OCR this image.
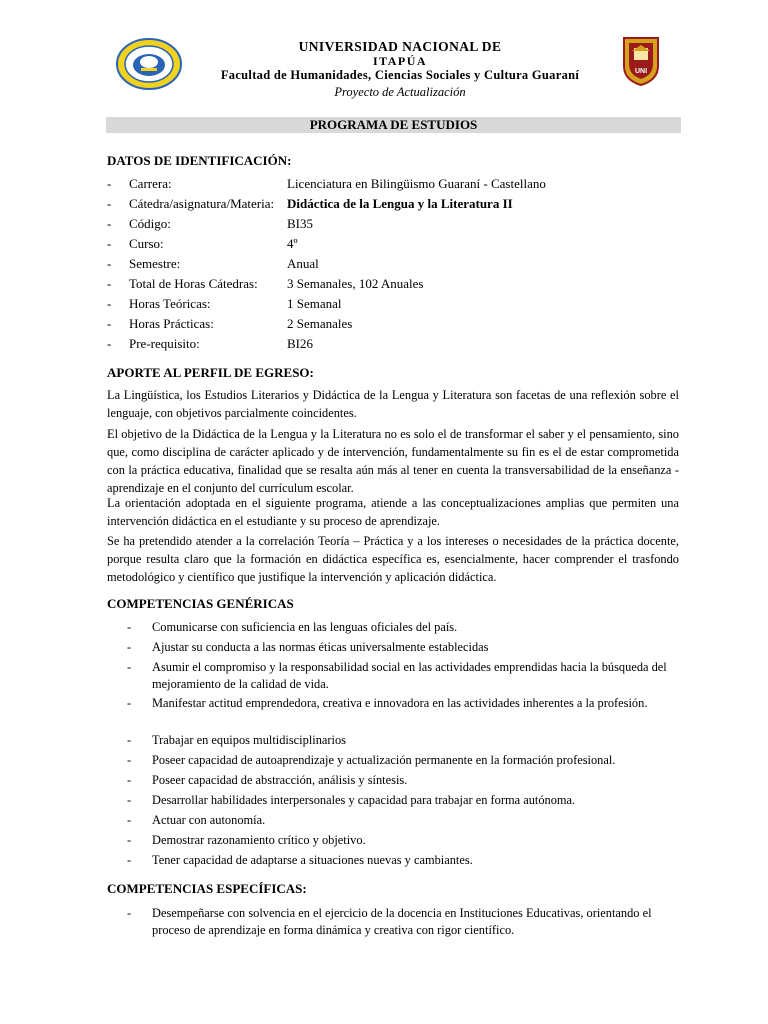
UNIVERSIDAD NACIONAL DE
ITAPÚA
Facultad de Humanidades, Ciencias Sociales y Cultura Guaraní
Proyecto de Actualización
UNI
PROGRAMA DE ESTUDIOS
DATOS DE IDENTIFICACIÓN:
- Carrera:	Licenciatura en Bilingüismo Guaraní - Castellano
- Cátedra/asignatura/Materia: Didáctica de la Lengua y la Literatura II
- Código:	BI35
- Curso:	4º
- Semestre:	Anual
- Total de Horas Cátedras: 3 Semanales, 102 Anuales
- Horas Teóricas:	1 Semanal
- Horas Prácticas:	2 Semanales
- Pre-requisito:	BI26
APORTE AL PERFIL DE EGRESO:

La Lingüística, los Estudios Literarios y Didáctica de la Lengua y Literatura son facetas de una reflexión sobre el lenguaje, con objetivos parcialmente coincidentes.

El objetivo de la Didáctica de la Lengua y la Literatura no es solo el de transformar el saber y el pensamiento, sino que, como disciplina de carácter aplicado y de intervención, fundamentalmente su fin es el de estar comprometida con la práctica educativa, finalidad que se resalta aún más al tener en cuenta la transversabilidad de la enseñanza - aprendizaje en el conjunto del currículum escolar.

La orientación adoptada en el siguiente programa, atiende a las conceptualizaciones amplias que permiten una intervención didáctica en el estudiante y su proceso de aprendizaje.

Se ha pretendido atender a la correlación Teoría – Práctica y a los intereses o necesidades de la práctica docente, porque resulta claro que la formación en didáctica específica es, esencialmente, hacer comprender el trasfondo metodológico y científico que justifique la intervención y aplicación didáctica.

COMPETENCIAS GENÉRICAS
- Comunicarse con suficiencia en las lenguas oficiales del país.
- Ajustar su conducta a las normas éticas universalmente establecidas
- Asumir el compromiso y la responsabilidad social en las actividades emprendidas hacia la búsqueda del mejoramiento de la calidad de vida.
- Manifestar actitud emprendedora, creativa e innovadora en las actividades inherentes a la profesión.
- Trabajar en equipos multidisciplinarios
- Poseer capacidad de autoaprendizaje y actualización permanente en la formación profesional.
- Poseer capacidad de abstracción, análisis y síntesis.
- Desarrollar habilidades interpersonales y capacidad para trabajar en forma autónoma.
- Actuar con autonomía.
- Demostrar razonamiento crítico y objetivo.
- Tener capacidad de adaptarse a situaciones nuevas y cambiantes.
COMPETENCIAS ESPECÍFICAS:
- Desempeñarse con solvencia en el ejercicio de la docencia en Instituciones Educativas, orientando el proceso de aprendizaje en forma dinámica y creativa con rigor científico.
